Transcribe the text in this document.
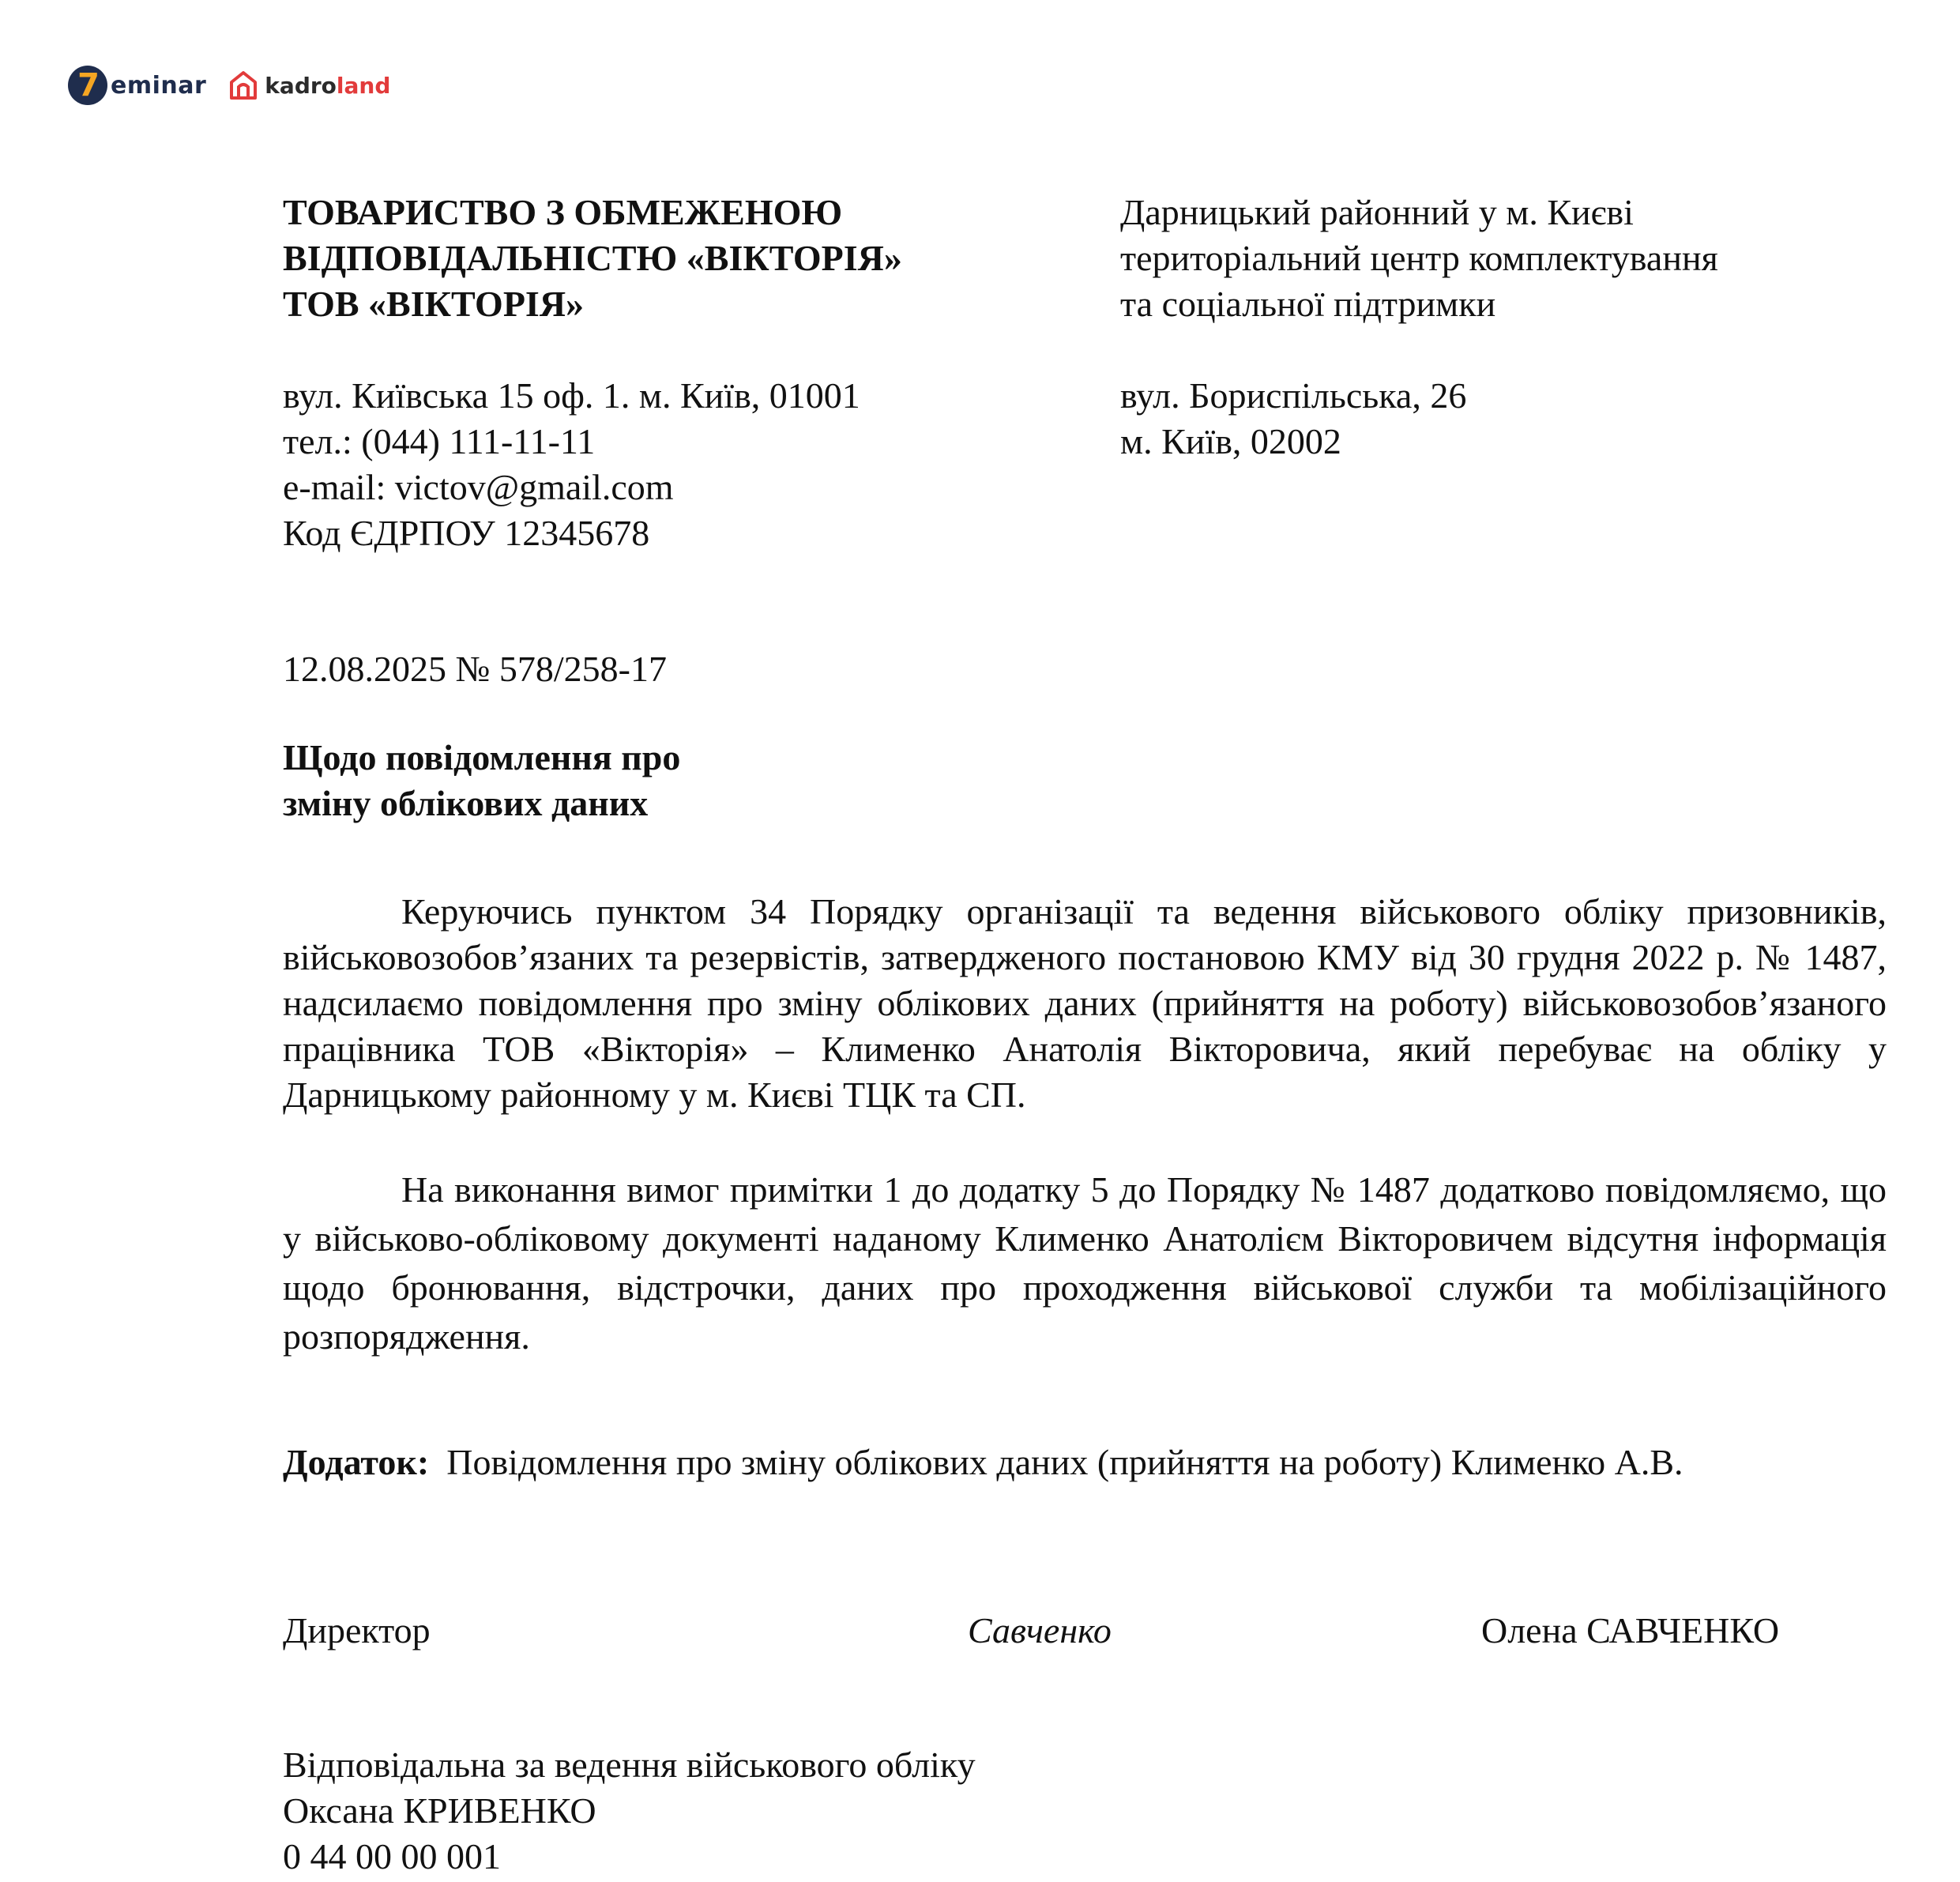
7 eminar	kadroland
ТОВАРИСТВО З ОБМЕЖЕНОЮ
ВІДПОВІДАЛЬНІСТЮ «ВІКТОРІЯ»
ТОВ «ВІКТОРІЯ»
Дарницький районний у м. Києві
територіальний центр комплектування
та соціальної підтримки
вул. Київська 15 оф. 1. м. Київ, 01001
тел.: (044) 111-11-11
e-mail: victov@gmail.com
Код ЄДРПОУ 12345678
вул. Бориспільська, 26
м. Київ, 02002
12.08.2025 № 578/258-17
Щодо повідомлення про
зміну облікових даних
Керуючись пунктом 34 Порядку організації та ведення військового обліку призовників, військовозобов’язаних та резервістів, затвердженого постановою КМУ від 30 грудня 2022 р. № 1487, надсилаємо повідомлення про зміну облікових даних (прийняття на роботу) військовозобов’язаного працівника ТОВ «Вікторія» – Клименко Анатолія Вікторовича, який перебуває на обліку у Дарницькому районному у м. Києві ТЦК та СП.
На виконання вимог примітки 1 до додатку 5 до Порядку № 1487 додатково повідомляємо, що у військово-обліковому документі наданому Клименко Анатолієм Вікторовичем відсутня інформація щодо бронювання, відстрочки, даних про проходження військової служби та мобілізаційного розпорядження.
Додаток: Повідомлення про зміну облікових даних (прийняття на роботу) Клименко А.В.
Директор	Савченко	Олена САВЧЕНКО
Відповідальна за ведення військового обліку
Оксана КРИВЕНКО
0 44 00 00 001
